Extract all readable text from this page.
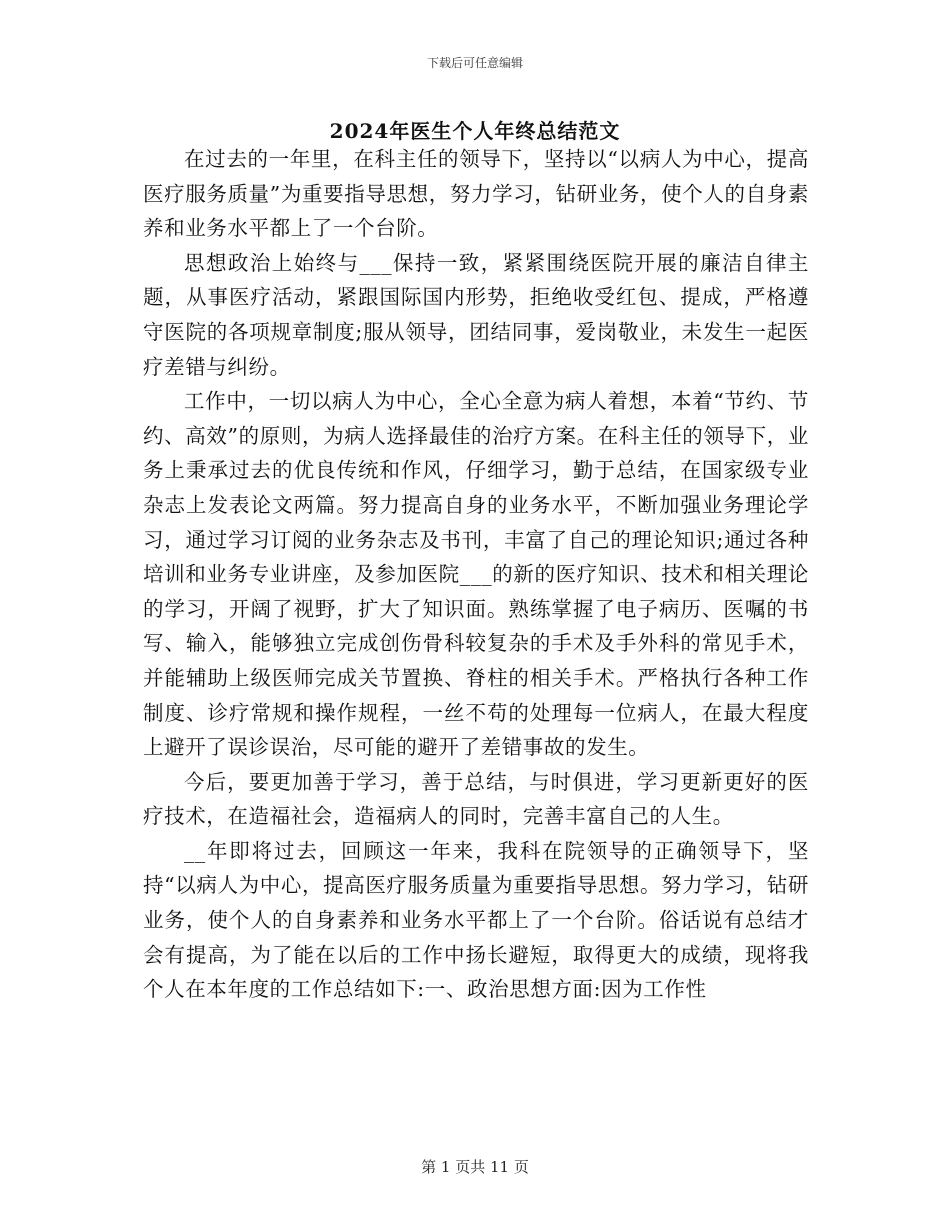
下载后可任意编辑
2024年医生个人年终总结范文

在过去的一年里，在科主任的领导下，坚持以“以病人为中心，提高医疗服务质量”为重要指导思想，努力学习，钻研业务，使个人的自身素养和业务水平都上了一个台阶。

思想政治上始终与___保持一致，紧紧围绕医院开展的廉洁自律主题，从事医疗活动，紧跟国际国内形势，拒绝收受红包、提成，严格遵守医院的各项规章制度;服从领导，团结同事，爱岗敬业，未发生一起医疗差错与纠纷。

工作中，一切以病人为中心，全心全意为病人着想，本着“节约、节约、高效”的原则，为病人选择最佳的治疗方案。在科主任的领导下，业务上秉承过去的优良传统和作风，仔细学习，勤于总结，在国家级专业杂志上发表论文两篇。努力提高自身的业务水平，不断加强业务理论学习，通过学习订阅的业务杂志及书刊，丰富了自己的理论知识;通过各种培训和业务专业讲座，及参加医院___的新的医疗知识、技术和相关理论的学习，开阔了视野，扩大了知识面。熟练掌握了电子病历、医嘱的书写、输入，能够独立完成创伤骨科较复杂的手术及手外科的常见手术，并能辅助上级医师完成关节置换、脊柱的相关手术。严格执行各种工作制度、诊疗常规和操作规程，一丝不苟的处理每一位病人，在最大程度上避开了误诊误治，尽可能的避开了差错事故的发生。

今后，要更加善于学习，善于总结，与时俱进，学习更新更好的医疗技术，在造福社会，造福病人的同时，完善丰富自己的人生。

__年即将过去，回顾这一年来，我科在院领导的正确领导下，坚持“以病人为中心，提高医疗服务质量为重要指导思想。努力学习，钻研业务，使个人的自身素养和业务水平都上了一个台阶。俗话说有总结才会有提高，为了能在以后的工作中扬长避短，取得更大的成绩，现将我个人在本年度的工作总结如下:一、政治思想方面:因为工作性

第 1 页共 11 页
